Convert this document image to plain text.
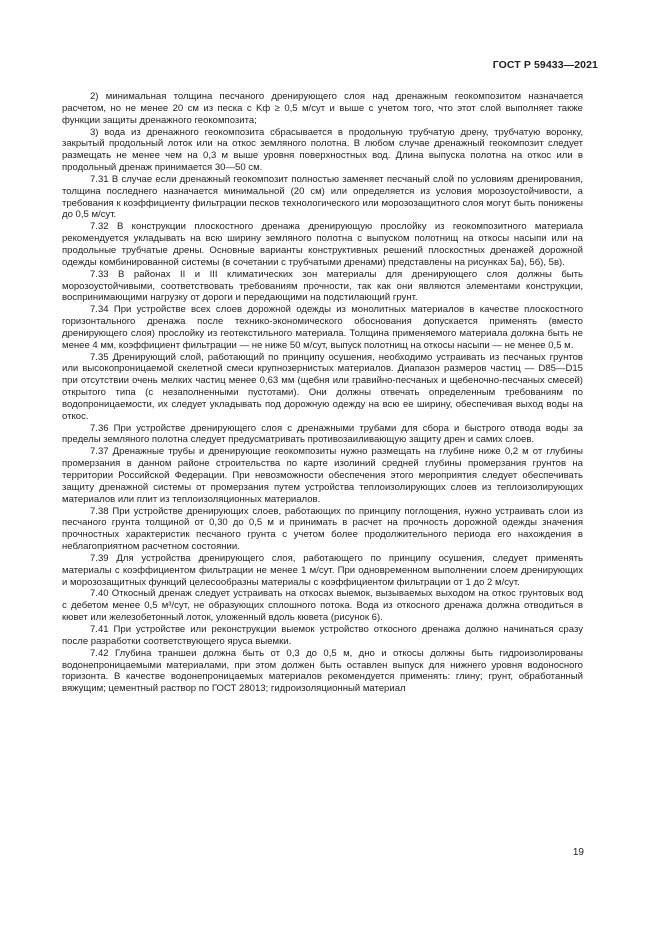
ГОСТ Р 59433—2021

2) минимальная толщина песчаного дренирующего слоя над дренажным геокомпозитом назначается расчетом, но не менее 20 см из песка с Kф ≥ 0,5 м/сут и выше с учетом того, что этот слой выполняет также функции защиты дренажного геокомпозита;

3) вода из дренажного геокомпозита сбрасывается в продольную трубчатую дрену, трубчатую воронку, закрытый продольный лоток или на откос земляного полотна. В любом случае дренажный геокомпозит следует размещать не менее чем на 0,3 м выше уровня поверхностных вод. Длина выпуска полотна на откос или в продольный дренаж принимается 30—50 см.

7.31 В случае если дренажный геокомпозит полностью заменяет песчаный слой по условиям дренирования, толщина последнего назначается минимальной (20 см) или определяется из условия морозоустойчивости, а требования к коэффициенту фильтрации песков технологического или морозозащитного слоя могут быть понижены до 0,5 м/сут.

7.32 В конструкции плоскостного дренажа дренирующую прослойку из геокомпозитного материала рекомендуется укладывать на всю ширину земляного полотна с выпуском полотнищ на откосы насыпи или на продольные трубчатые дрены. Основные варианты конструктивных решений плоскостных дренажей дорожной одежды комбинированной системы (в сочетании с трубчатыми дренами) представлены на рисунках 5а), 5б), 5в).

7.33 В районах II и III климатических зон материалы для дренирующего слоя должны быть морозоустойчивыми, соответствовать требованиям прочности, так как они являются элементами конструкции, воспринимающими нагрузку от дороги и передающими на подстилающий грунт.

7.34 При устройстве всех слоев дорожной одежды из монолитных материалов в качестве плоскостного горизонтального дренажа после технико-экономического обоснования допускается применять (вместо дренирующего слоя) прослойку из геотекстильного материала. Толщина применяемого материала должна быть не менее 4 мм, коэффициент фильтрации — не ниже 50 м/сут, выпуск полотнищ на откосы насыпи — не менее 0,5 м.

7.35 Дренирующий слой, работающий по принципу осушения, необходимо устраивать из песчаных грунтов или высокопроницаемой скелетной смеси крупнозернистых материалов. Диапазон размеров частиц — D85—D15 при отсутствии очень мелких частиц менее 0,63 мм (щебня или гравийно-песчаных и щебеночно-песчаных смесей) открытого типа (с незаполненными пустотами). Они должны отвечать определенным требованиям по водопроницаемости, их следует укладывать под дорожную одежду на всю ее ширину, обеспечивая выход воды на откос.

7.36 При устройстве дренирующего слоя с дренажными трубами для сбора и быстрого отвода воды за пределы земляного полотна следует предусматривать противозаиливающую защиту дрен и самих слоев.

7.37 Дренажные трубы и дренирующие геокомпозиты нужно размещать на глубине ниже 0,2 м от глубины промерзания в данном районе строительства по карте изолиний средней глубины промерзания грунтов на территории Российской Федерации. При невозможности обеспечения этого мероприятия следует обеспечивать защиту дренажной системы от промерзания путем устройства теплоизолирующих слоев из теплоизолирующих материалов или плит из теплоизоляционных материалов.

7.38 При устройстве дренирующих слоев, работающих по принципу поглощения, нужно устраивать слои из песчаного грунта толщиной от 0,30 до 0,5 м и принимать в расчет на прочность дорожной одежды значения прочностных характеристик песчаного грунта с учетом более продолжительного периода его нахождения в неблагоприятном расчетном состоянии.

7.39 Для устройства дренирующего слоя, работающего по принципу осушения, следует применять материалы с коэффициентом фильтрации не менее 1 м/сут. При одновременном выполнении слоем дренирующих и морозозащитных функций целесообразны материалы с коэффициентом фильтрации от 1 до 2 м/сут.

7.40 Откосный дренаж следует устраивать на откосах выемок, вызываемых выходом на откос грунтовых вод с дебетом менее 0,5 м³/сут, не образующих сплошного потока. Вода из откосного дренажа должна отводиться в кювет или железобетонный лоток, уложенный вдоль кювета (рисунок 6).

7.41 При устройстве или реконструкции выемок устройство откосного дренажа должно начинаться сразу после разработки соответствующего яруса выемки.

7.42 Глубина траншеи должна быть от 0,3 до 0,5 м, дно и откосы должны быть гидроизолированы водонепроницаемыми материалами, при этом должен быть оставлен выпуск для нижнего уровня водоносного горизонта. В качестве водонепроницаемых материалов рекомендуется применять: глину; грунт, обработанный вяжущим; цементный раствор по ГОСТ 28013; гидроизоляционный материал

19
